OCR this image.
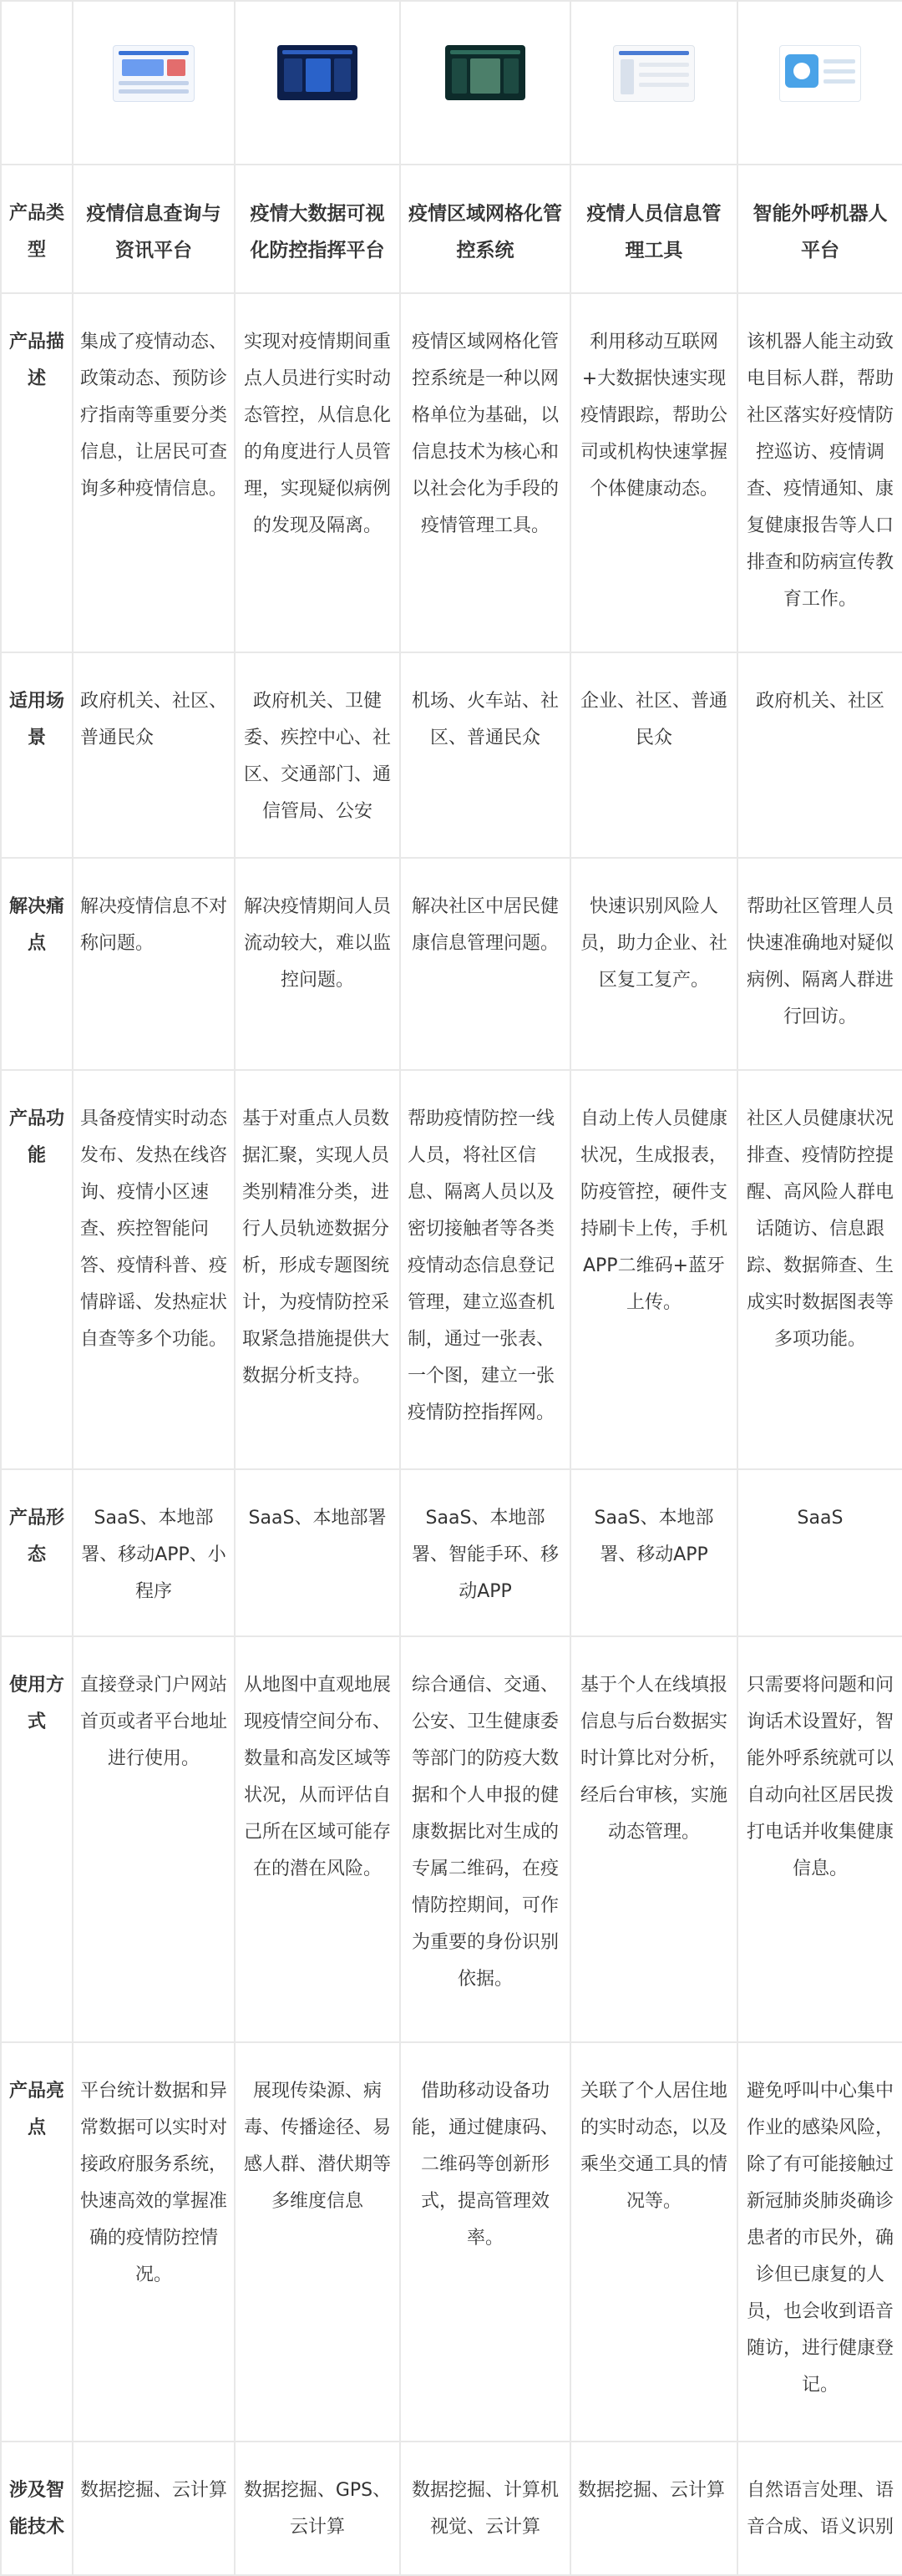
产品类型	疫情信息查询与资讯平台	疫情大数据可视化防控指挥平台	疫情区域网格化管控系统	疫情人员信息管理工具	智能外呼机器人平台
产品描述	集成了疫情动态、政策动态、预防诊疗指南等重要分类信息，让居民可查询多种疫情信息。	实现对疫情期间重点人员进行实时动态管控，从信息化的角度进行人员管理，实现疑似病例的发现及隔离。	疫情区域网格化管控系统是一种以网格单位为基础，以信息技术为核心和以社会化为手段的疫情管理工具。	利用移动互联网+大数据快速实现疫情跟踪，帮助公司或机构快速掌握个体健康动态。	该机器人能主动致电目标人群，帮助社区落实好疫情防控巡访、疫情调查、疫情通知、康复健康报告等人口排查和防病宣传教育工作。
适用场景	政府机关、社区、普通民众	政府机关、卫健委、疾控中心、社区、交通部门、通信管局、公安	机场、火车站、社区、普通民众	企业、社区、普通民众	政府机关、社区
解决痛点	解决疫情信息不对称问题。	解决疫情期间人员流动较大，难以监控问题。	解决社区中居民健康信息管理问题。	快速识别风险人员，助力企业、社区复工复产。	帮助社区管理人员快速准确地对疑似病例、隔离人群进行回访。
产品功能	具备疫情实时动态发布、发热在线咨询、疫情小区速查、疾控智能问答、疫情科普、疫情辟谣、发热症状自查等多个功能。	基于对重点人员数据汇聚，实现人员类别精准分类，进行人员轨迹数据分析，形成专题图统计，为疫情防控采取紧急措施提供大数据分析支持。	帮助疫情防控一线人员，将社区信息、隔离人员以及密切接触者等各类疫情动态信息登记管理，建立巡查机制，通过一张表、一个图，建立一张疫情防控指挥网。	自动上传人员健康状况，生成报表，防疫管控，硬件支持刷卡上传，手机APP二维码+蓝牙上传。	社区人员健康状况排查、疫情防控提醒、高风险人群电话随访、信息跟踪、数据筛查、生成实时数据图表等多项功能。
产品形态	SaaS、本地部署、移动APP、小程序	SaaS、本地部署	SaaS、本地部署、智能手环、移动APP	SaaS、本地部署、移动APP	SaaS
使用方式	直接登录门户网站首页或者平台地址进行使用。	从地图中直观地展现疫情空间分布、数量和高发区域等状况，从而评估自己所在区域可能存在的潜在风险。	综合通信、交通、公安、卫生健康委等部门的防疫大数据和个人申报的健康数据比对生成的专属二维码，在疫情防控期间，可作为重要的身份识别依据。	基于个人在线填报信息与后台数据实时计算比对分析，经后台审核，实施动态管理。	只需要将问题和问询话术设置好，智能外呼系统就可以自动向社区居民拨打电话并收集健康信息。
产品亮点	平台统计数据和异常数据可以实时对接政府服务系统，快速高效的掌握准确的疫情防控情况。	展现传染源、病毒、传播途径、易感人群、潜伏期等多维度信息	借助移动设备功能，通过健康码、二维码等创新形式，提高管理效率。	关联了个人居住地的实时动态，以及乘坐交通工具的情况等。	避免呼叫中心集中作业的感染风险，除了有可能接触过新冠肺炎肺炎确诊患者的市民外，确诊但已康复的人员，也会收到语音随访，进行健康登记。
涉及智能技术	数据挖掘、云计算	数据挖掘、GPS、云计算	数据挖掘、计算机视觉、云计算	数据挖掘、云计算	自然语言处理、语音合成、语义识别
